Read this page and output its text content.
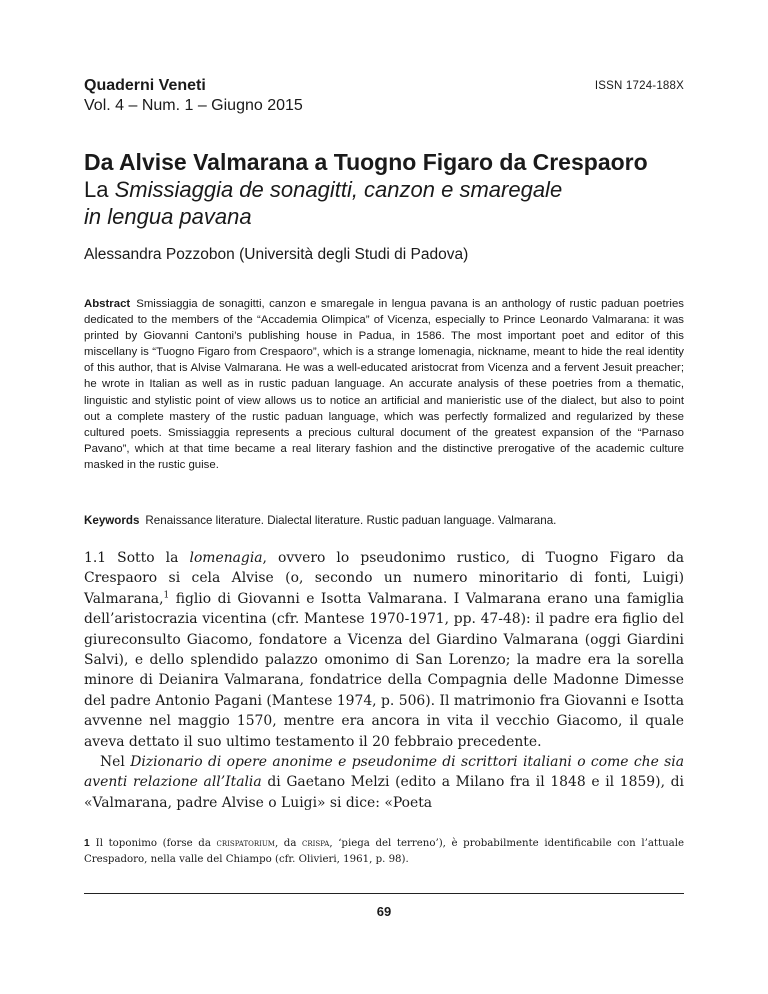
Quaderni Veneti
Vol. 4 – Num. 1 – Giugno 2015
ISSN 1724-188X
Da Alvise Valmarana a Tuogno Figaro da Crespaoro
La Smissiaggia de sonagitti, canzon e smaregale
in lengua pavana
Alessandra Pozzobon (Università degli Studi di Padova)
Abstract Smissiaggia de sonagitti, canzon e smaregale in lengua pavana is an anthology of rustic paduan poetries dedicated to the members of the “Accademia Olimpica” of Vicenza, especially to Prince Leonardo Valmarana: it was printed by Giovanni Cantoni’s publishing house in Padua, in 1586. The most important poet and editor of this miscellany is “Tuogno Figaro from Crespaoro”, which is a strange lomenagia, nickname, meant to hide the real identity of this author, that is Alvise Valmarana. He was a well-educated aristocrat from Vicenza and a fervent Jesuit preacher; he wrote in Italian as well as in rustic paduan language. An accurate analysis of these poetries from a thematic, linguistic and stylistic point of view allows us to notice an artificial and manieristic use of the dialect, but also to point out a complete mastery of the rustic paduan language, which was perfectly formalized and regularized by these cultured poets. Smissiaggia represents a precious cultural document of the greatest expansion of the “Parnaso Pavano”, which at that time became a real literary fashion and the distinctive prerogative of the academic culture masked in the rustic guise.
Keywords Renaissance literature. Dialectal literature. Rustic paduan language. Valmarana.

1.1 Sotto la lomenagia, ovvero lo pseudonimo rustico, di Tuogno Figaro da Crespaoro si cela Alvise (o, secondo un numero minoritario di fonti, Luigi) Valmarana,$^1$ figlio di Giovanni e Isotta Valmarana. I Valmarana erano una famiglia dell’aristocrazia vicentina (cfr. Mantese 1970-1971, pp. 47-48): il padre era figlio del giureconsulto Giacomo, fondatore a Vicenza del Giardino Valmarana (oggi Giardini Salvi), e dello splendido palazzo omonimo di San Lorenzo; la madre era la sorella minore di Deianira Valmarana, fondatrice della Compagnia delle Madonne Dimesse del padre Antonio Pagani (Mantese 1974, p. 506). Il matrimonio fra Giovanni e Isotta avvenne nel maggio 1570, mentre era ancora in vita il vecchio Giacomo, il quale aveva dettato il suo ultimo testamento il 20 febbraio precedente.

Nel Dizionario di opere anonime e pseudonime di scrittori italiani o come che sia aventi relazione all’Italia di Gaetano Melzi (edito a Milano fra il 1848 e il 1859), di «Valmarana, padre Alvise o Luigi» si dice: «Poeta

1 Il toponimo (forse da crispatorium, da crispa, ‘piega del terreno’), è probabilmente identificabile con l’attuale Crespadoro, nella valle del Chiampo (cfr. Olivieri, 1961, p. 98).
69
